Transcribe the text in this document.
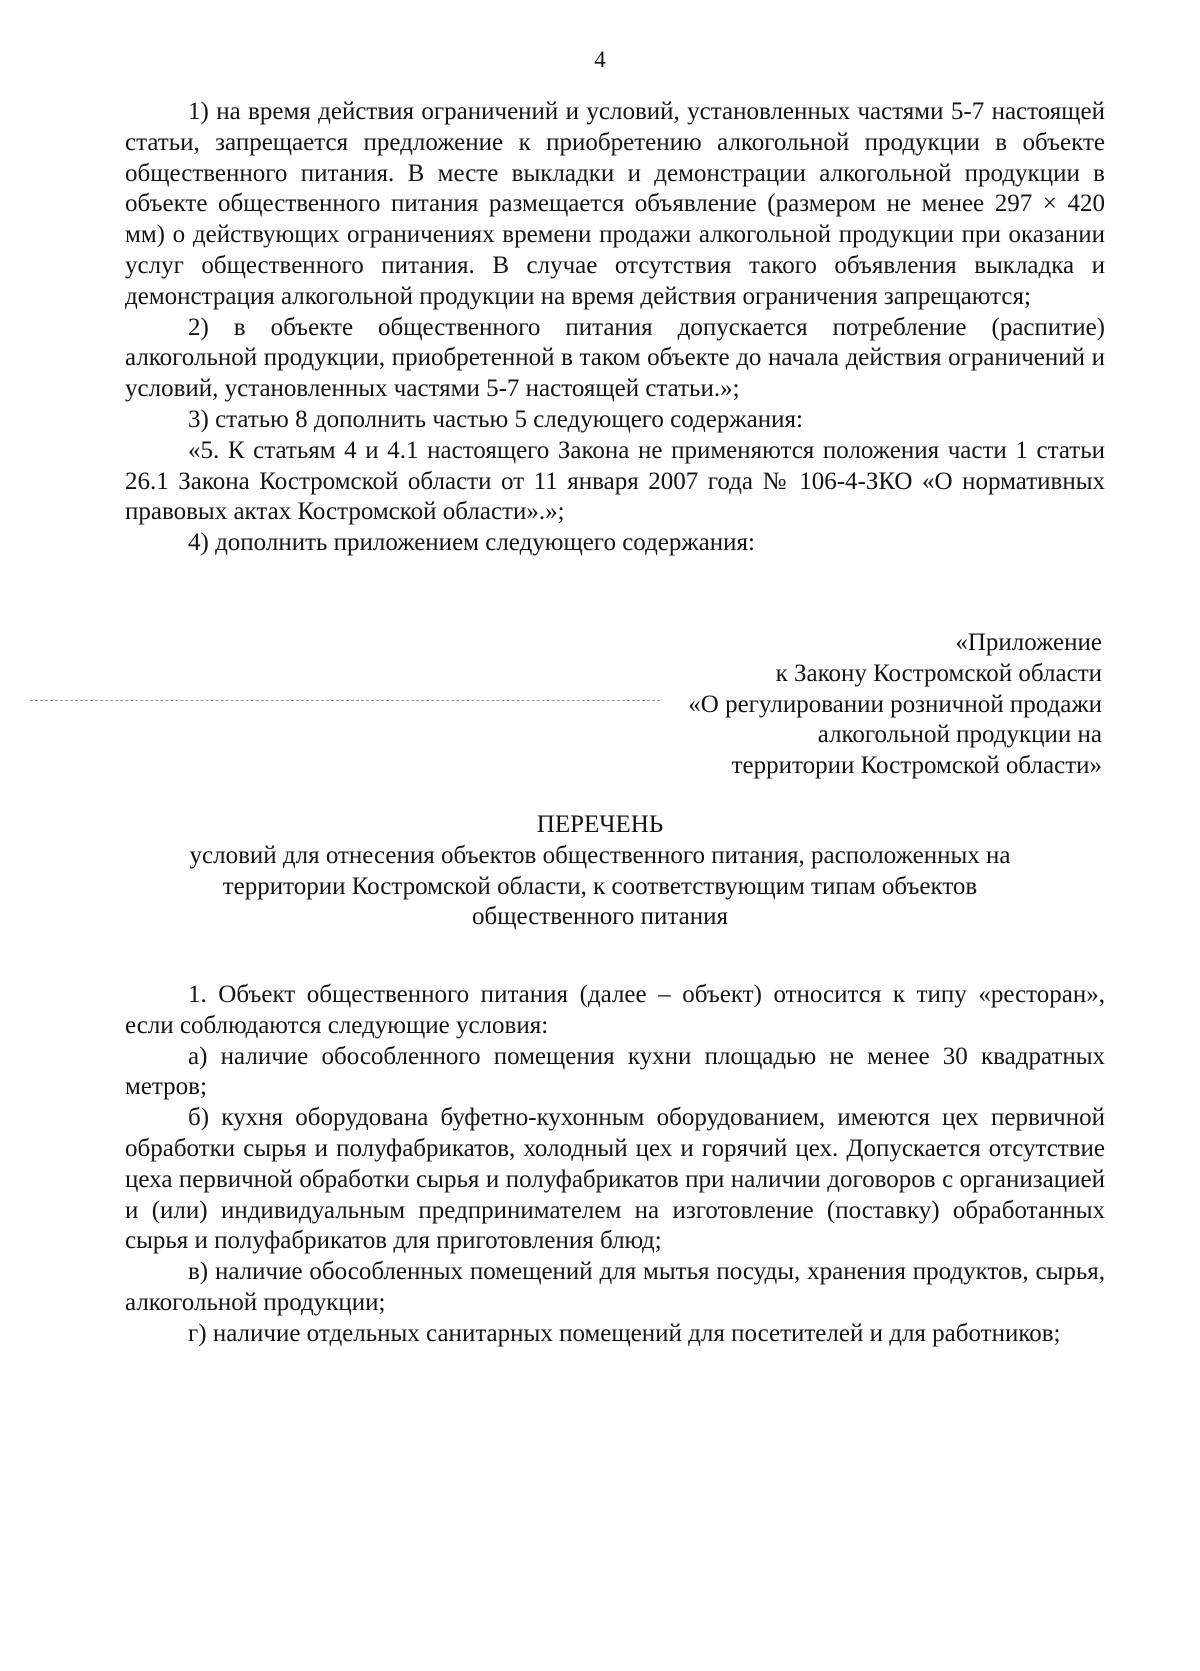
4

1) на время действия ограничений и условий, установленных частями 5-7 настоящей статьи, запрещается предложение к приобретению алкогольной продукции в объекте общественного питания. В месте выкладки и демонстрации алкогольной продукции в объекте общественного питания размещается объявление (размером не менее 297 × 420 мм) о действующих ограничениях времени продажи алкогольной продукции при оказании услуг общественного питания. В случае отсутствия такого объявления выкладка и демонстрация алкогольной продукции на время действия ограничения запрещаются;

2) в объекте общественного питания допускается потребление (распитие) алкогольной продукции, приобретенной в таком объекте до начала действия ограничений и условий, установленных частями 5-7 настоящей статьи.»;

3) статью 8 дополнить частью 5 следующего содержания:

«5. К статьям 4 и 4.1 настоящего Закона не применяются положения части 1 статьи 26.1 Закона Костромской области от 11 января 2007 года № 106-4-ЗКО «О нормативных правовых актах Костромской области».»;

4) дополнить приложением следующего содержания:

«Приложение
к Закону Костромской области
«О регулировании розничной продажи
алкогольной продукции на
территории Костромской области»
ПЕРЕЧЕНЬ
условий для отнесения объектов общественного питания, расположенных на территории Костромской области, к соответствующим типам объектов общественного питания

1. Объект общественного питания (далее – объект) относится к типу «ресторан», если соблюдаются следующие условия:

а) наличие обособленного помещения кухни площадью не менее 30 квадратных метров;

б) кухня оборудована буфетно-кухонным оборудованием, имеются цех первичной обработки сырья и полуфабрикатов, холодный цех и горячий цех. Допускается отсутствие цеха первичной обработки сырья и полуфабрикатов при наличии договоров с организацией и (или) индивидуальным предпринимателем на изготовление (поставку) обработанных сырья и полуфабрикатов для приготовления блюд;

в) наличие обособленных помещений для мытья посуды, хранения продуктов, сырья, алкогольной продукции;

г) наличие отдельных санитарных помещений для посетителей и для работников;
